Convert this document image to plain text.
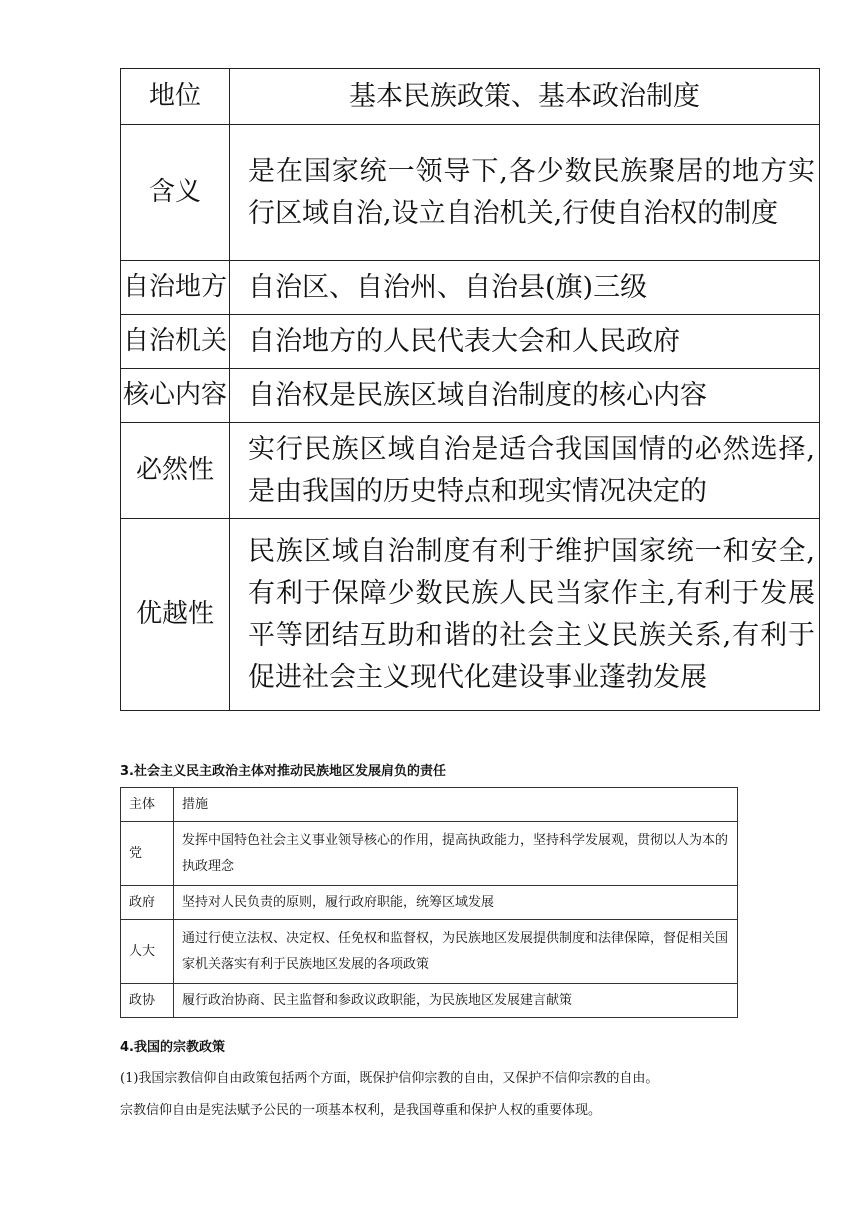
地位	基本民族政策、基本政治制度
含义	是在国家统一领导下,各少数民族聚居的地方实行区域自治,设立自治机关,行使自治权的制度
自治地方	自治区、自治州、自治县(旗)三级
自治机关	自治地方的人民代表大会和人民政府
核心内容	自治权是民族区域自治制度的核心内容
必然性	实行民族区域自治是适合我国国情的必然选择,是由我国的历史特点和现实情况决定的
优越性	民族区域自治制度有利于维护国家统一和安全,有利于保障少数民族人民当家作主,有利于发展平等团结互助和谐的社会主义民族关系,有利于促进社会主义现代化建设事业蓬勃发展
3.社会主义民主政治主体对推动民族地区发展肩负的责任
主体	措施
党	发挥中国特色社会主义事业领导核心的作用，提高执政能力，坚持科学发展观，贯彻以人为本的执政理念
政府	坚持对人民负责的原则，履行政府职能，统筹区域发展
人大	通过行使立法权、决定权、任免权和监督权，为民族地区发展提供制度和法律保障，督促相关国家机关落实有利于民族地区发展的各项政策
政协	履行政治协商、民主监督和参政议政职能，为民族地区发展建言献策
4.我国的宗教政策

(1)我国宗教信仰自由政策包括两个方面，既保护信仰宗教的自由，又保护不信仰宗教的自由。

宗教信仰自由是宪法赋予公民的一项基本权利，是我国尊重和保护人权的重要体现。
